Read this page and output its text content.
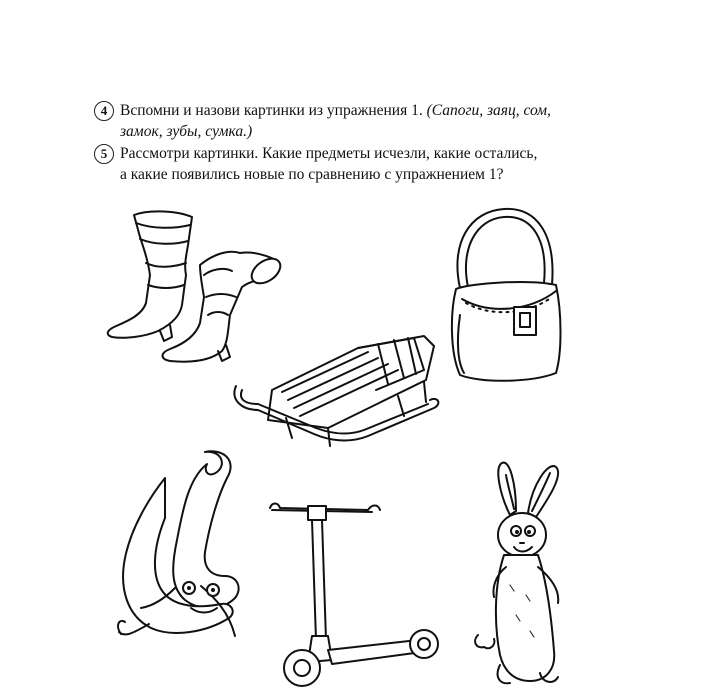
4 Вспомни и назови картинки из упражнения 1. (Сапоги, заяц, сом,
замок, зубы, сумка.)
5 Рассмотри картинки. Какие предметы исчезли, какие остались,
а какие появились новые по сравнению с упражнением 1?
